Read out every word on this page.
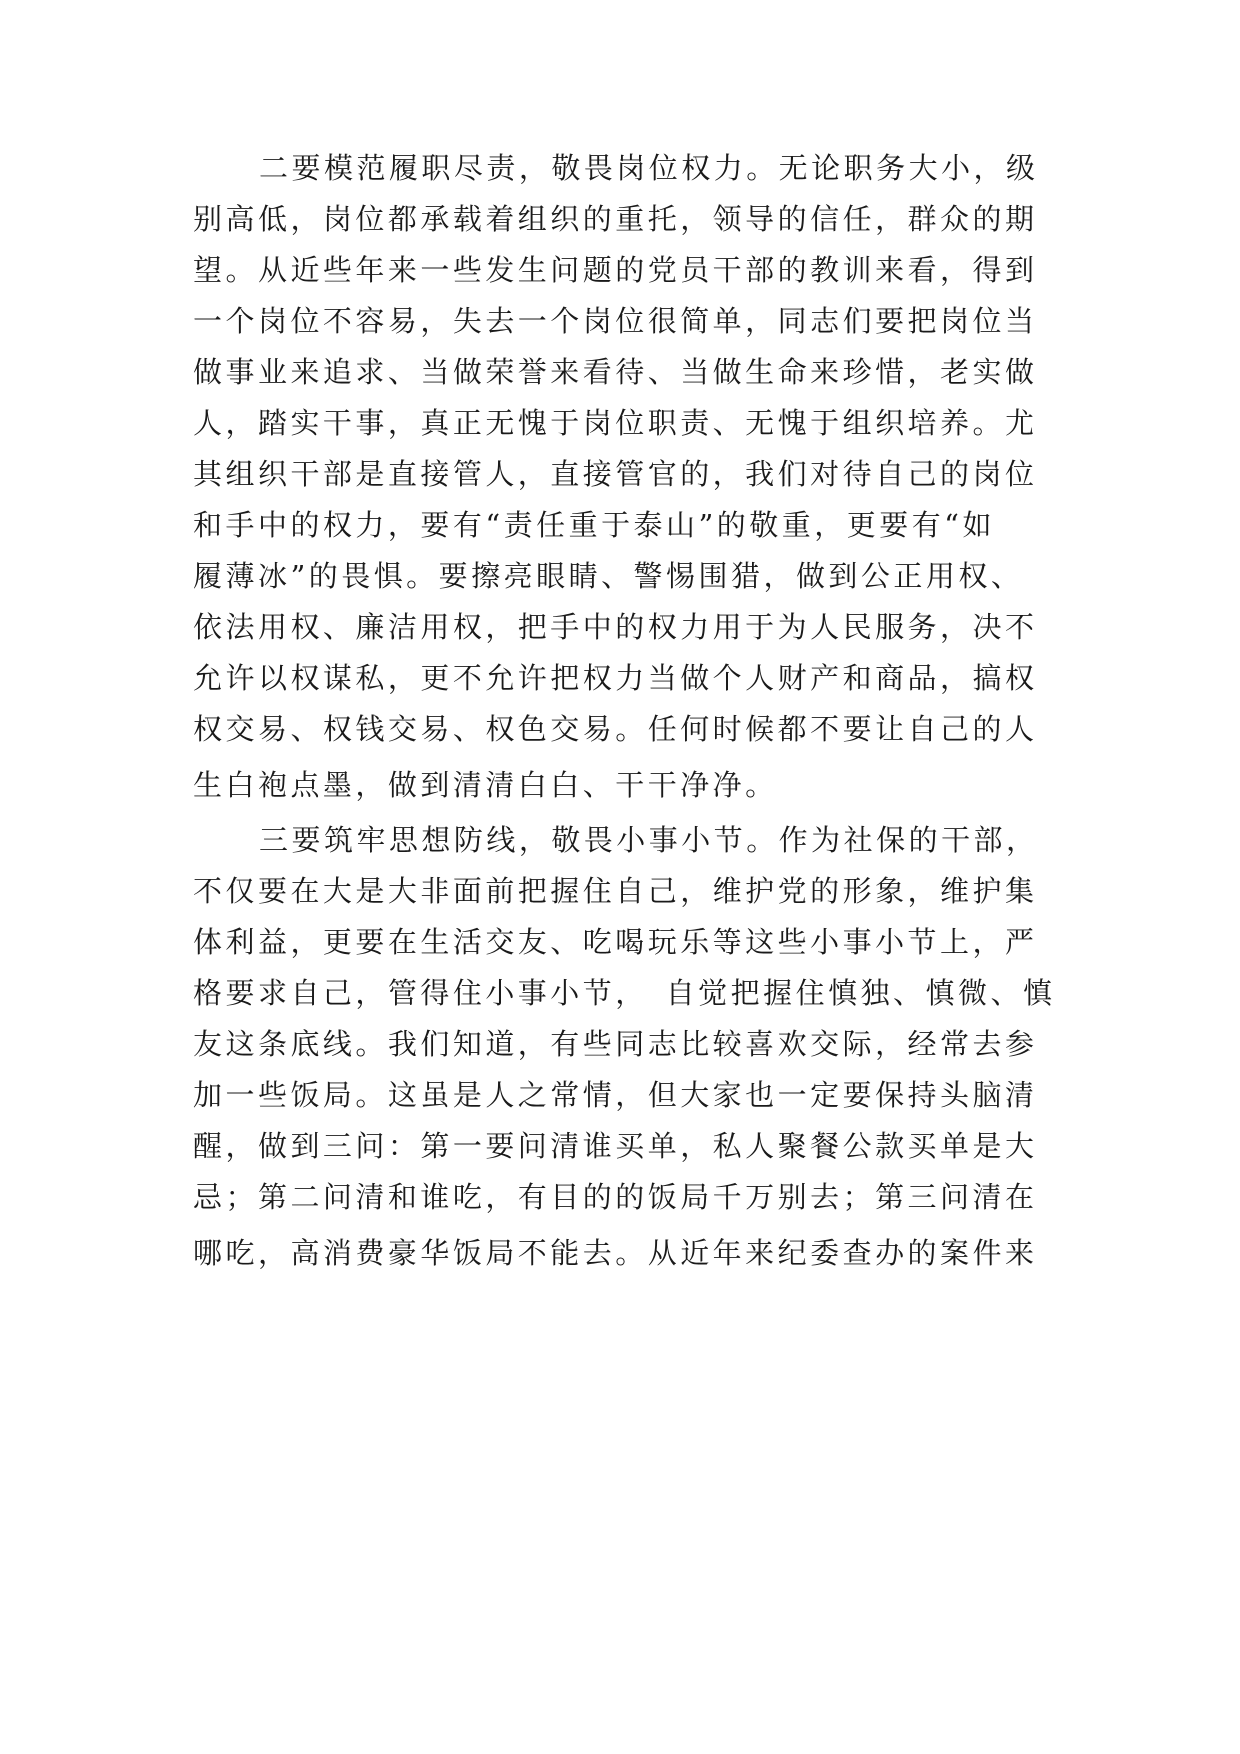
二要模范履职尽责，敬畏岗位权力。无论职务大小，级
别高低，岗位都承载着组织的重托，领导的信任，群众的期
望。从近些年来一些发生问题的党员干部的教训来看，得到
一个岗位不容易，失去一个岗位很简单，同志们要把岗位当
做事业来追求、当做荣誉来看待、当做生命来珍惜，老实做
人，踏实干事，真正无愧于岗位职责、无愧于组织培养。尤
其组织干部是直接管人，直接管官的，我们对待自己的岗位
和手中的权力，要有“责任重于泰山”的敬重，更要有“如
履薄冰”的畏惧。要擦亮眼睛、警惕围猎，做到公正用权、
依法用权、廉洁用权，把手中的权力用于为人民服务，决不
允许以权谋私，更不允许把权力当做个人财产和商品，搞权
权交易、权钱交易、权色交易。任何时候都不要让自己的人
生白袍点墨，做到清清白白、干干净净。
三要筑牢思想防线，敬畏小事小节。作为社保的干部，
不仅要在大是大非面前把握住自己，维护党的形象，维护集
体利益，更要在生活交友、吃喝玩乐等这些小事小节上，严
格要求自己，管得住小事小节，　自觉把握住慎独、慎微、慎
友这条底线。我们知道，有些同志比较喜欢交际，经常去参
加一些饭局。这虽是人之常情，但大家也一定要保持头脑清
醒，做到三问：第一要问清谁买单，私人聚餐公款买单是大
忌；第二问清和谁吃，有目的的饭局千万别去；第三问清在
哪吃，高消费豪华饭局不能去。从近年来纪委查办的案件来
